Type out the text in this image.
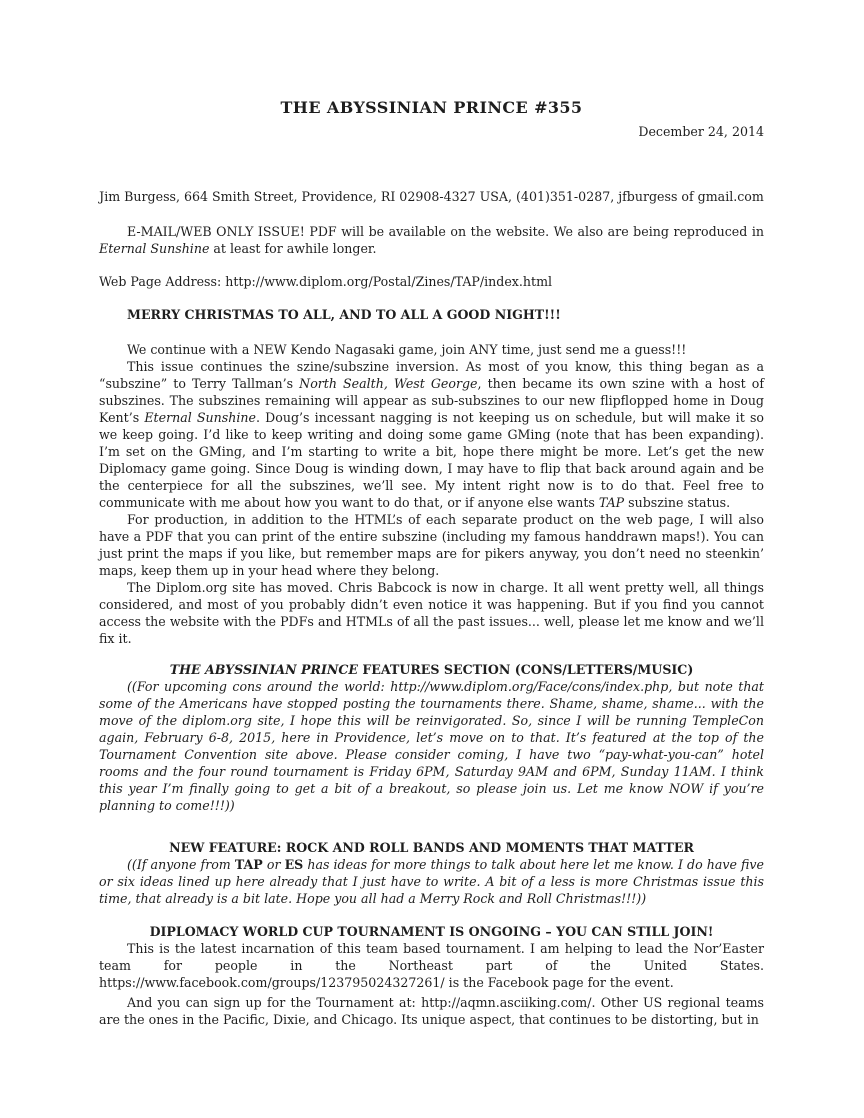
THE ABYSSINIAN PRINCE #355

December 24, 2014

Jim Burgess, 664 Smith Street, Providence, RI 02908-4327 USA, (401)351-0287, jfburgess of gmail.com

E-MAIL/WEB ONLY ISSUE! PDF will be available on the website. We also are being reproduced in Eternal Sunshine at least for awhile longer.

Web Page Address: http://www.diplom.org/Postal/Zines/TAP/index.html

MERRY CHRISTMAS TO ALL, AND TO ALL A GOOD NIGHT!!!

We continue with a NEW Kendo Nagasaki game, join ANY time, just send me a guess!!!

This issue continues the szine/subszine inversion. As most of you know, this thing began as a “subszine” to Terry Tallman’s North Sealth, West George, then became its own szine with a host of subszines. The subszines remaining will appear as sub-subszines to our new flipflopped home in Doug Kent’s Eternal Sunshine. Doug’s incessant nagging is not keeping us on schedule, but will make it so we keep going. I’d like to keep writing and doing some game GMing (note that has been expanding). I’m set on the GMing, and I’m starting to write a bit, hope there might be more. Let’s get the new Diplomacy game going. Since Doug is winding down, I may have to flip that back around again and be the centerpiece for all the subszines, we’ll see. My intent right now is to do that. Feel free to communicate with me about how you want to do that, or if anyone else wants TAP subszine status.

For production, in addition to the HTML’s of each separate product on the web page, I will also have a PDF that you can print of the entire subszine (including my famous handdrawn maps!). You can just print the maps if you like, but remember maps are for pikers anyway, you don’t need no steenkin’ maps, keep them up in your head where they belong.

The Diplom.org site has moved. Chris Babcock is now in charge. It all went pretty well, all things considered, and most of you probably didn’t even notice it was happening. But if you find you cannot access the website with the PDFs and HTMLs of all the past issues... well, please let me know and we’ll fix it.

THE ABYSSINIAN PRINCE FEATURES SECTION (CONS/LETTERS/MUSIC)

((For upcoming cons around the world: http://www.diplom.org/Face/cons/index.php, but note that some of the Americans have stopped posting the tournaments there. Shame, shame, shame... with the move of the diplom.org site, I hope this will be reinvigorated. So, since I will be running TempleCon again, February 6-8, 2015, here in Providence, let’s move on to that. It’s featured at the top of the Tournament Convention site above. Please consider coming, I have two “pay-what-you-can” hotel rooms and the four round tournament is Friday 6PM, Saturday 9AM and 6PM, Sunday 11AM. I think this year I’m finally going to get a bit of a breakout, so please join us. Let me know NOW if you’re planning to come!!!))

NEW FEATURE: ROCK AND ROLL BANDS AND MOMENTS THAT MATTER

((If anyone from TAP or ES has ideas for more things to talk about here let me know. I do have five or six ideas lined up here already that I just have to write. A bit of a less is more Christmas issue this time, that already is a bit late. Hope you all had a Merry Rock and Roll Christmas!!!))

DIPLOMACY WORLD CUP TOURNAMENT IS ONGOING – YOU CAN STILL JOIN!

This is the latest incarnation of this team based tournament. I am helping to lead the Nor’Easter team for people in the Northeast part of the United States. https://www.facebook.com/groups/123795024327261/ is the Facebook page for the event.

And you can sign up for the Tournament at: http://aqmn.asciiking.com/. Other US regional teams are the ones in the Pacific, Dixie, and Chicago. Its unique aspect, that continues to be distorting, but in
